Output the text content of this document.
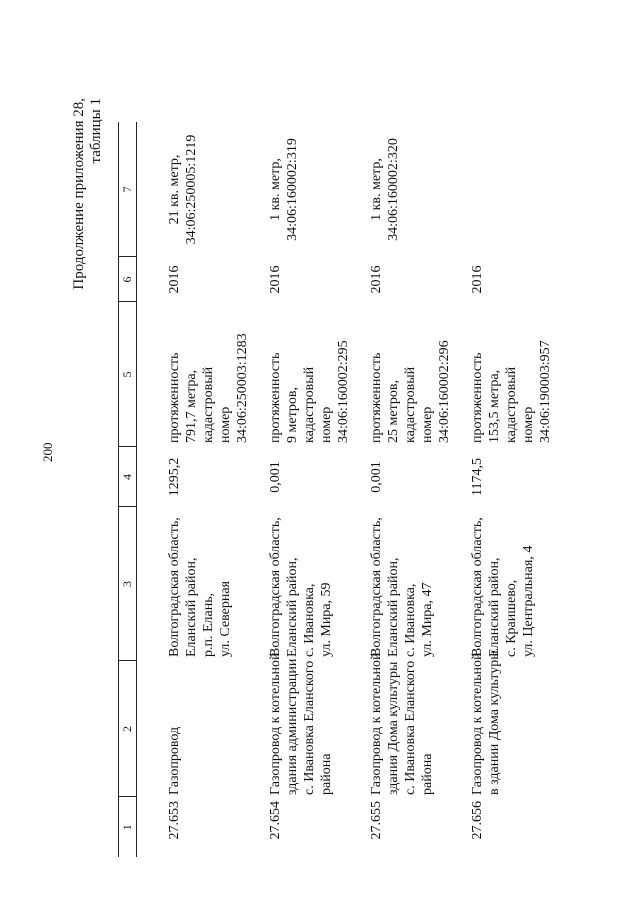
200
Продолжение приложения 28, таблицы 1
1	2	3	4	5	6	7
27.653	Газопровод	Волгоградская область, Еланский район, р.п. Елань, ул. Северная	1295,2	протяженность 791,7 метра, кадастровый номер 34:06:250003:1283	2016	21 кв. метр, 34:06:250005:1219

27.654	Газопровод к котельной здания администрации с. Ивановка Еланского района	Волгоградская область, Еланский район, с. Ивановка, ул. Мира, 59	0,001	протяженность 9 метров, кадастровый номер 34:06:160002:295	2016	1 кв. метр, 34:06:160002:319

27.655	Газопровод к котельной здания Дома культуры с. Ивановка Еланского района	Волгоградская область, Еланский район, с. Ивановка, ул. Мира, 47	0,001	протяженность 25 метров, кадастровый номер 34:06:160002:296	2016	1 кв. метр, 34:06:160002:320

27.656	Газопровод к котельной в здании Дома культуры	Волгоградская область, Еланский район, с. Краишево, ул. Центральная, 4	1174,5	протяженность 153,5 метра, кадастровый номер 34:06:190003:957	2016	
